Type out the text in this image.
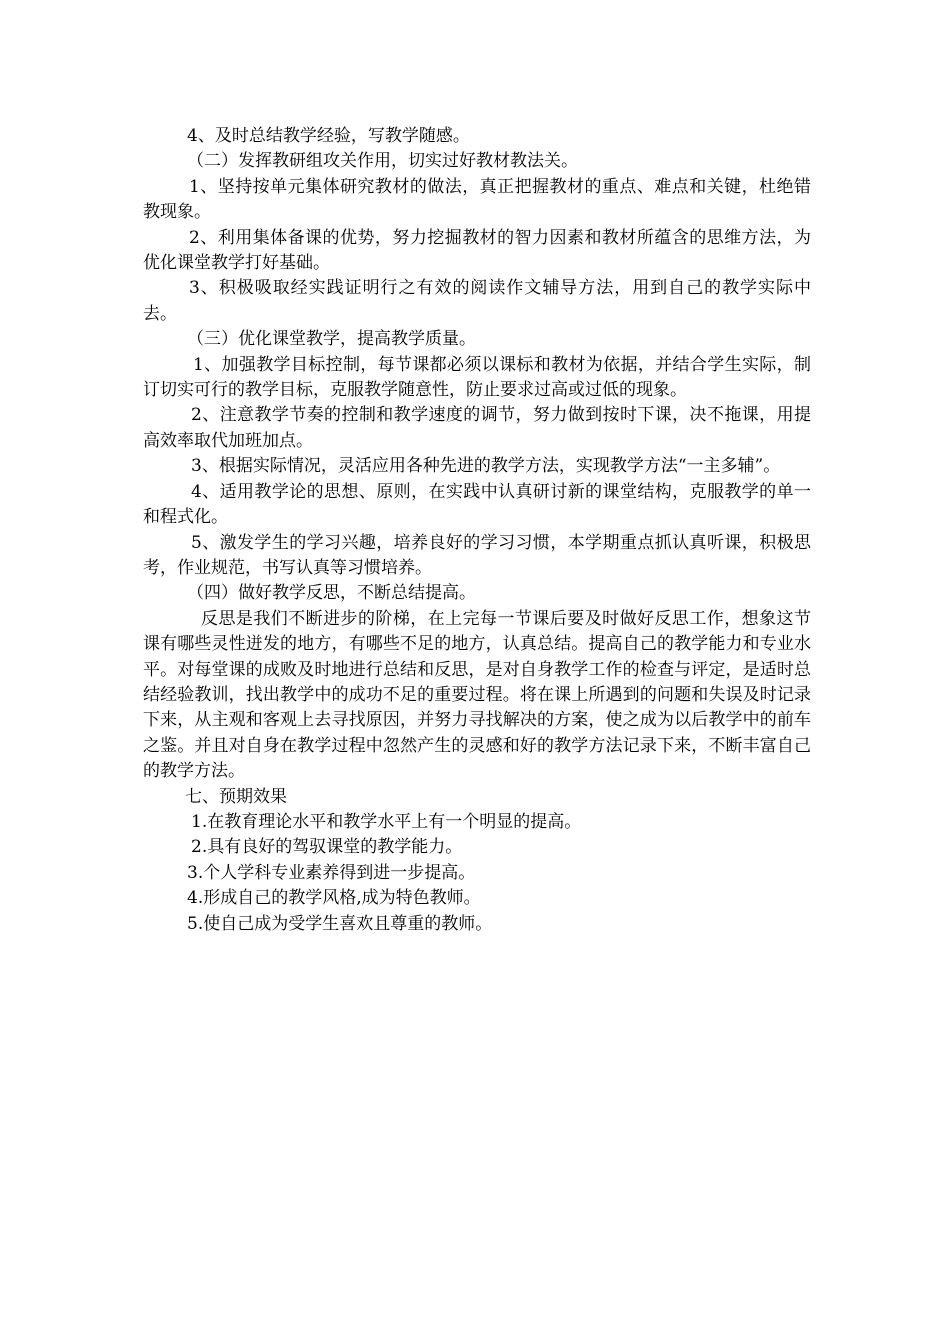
4、及时总结教学经验，写教学随感。

（二）发挥教研组攻关作用，切实过好教材教法关。

1、坚持按单元集体研究教材的做法，真正把握教材的重点、难点和关键，杜绝错教现象。

2、利用集体备课的优势，努力挖掘教材的智力因素和教材所蕴含的思维方法，为优化课堂教学打好基础。

3、积极吸取经实践证明行之有效的阅读作文辅导方法，用到自己的教学实际中去。

（三）优化课堂教学，提高教学质量。

1、加强教学目标控制，每节课都必须以课标和教材为依据，并结合学生实际，制订切实可行的教学目标，克服教学随意性，防止要求过高或过低的现象。

2、注意教学节奏的控制和教学速度的调节，努力做到按时下课，决不拖课，用提高效率取代加班加点。

3、根据实际情况，灵活应用各种先进的教学方法，实现教学方法“一主多辅”。

4、适用教学论的思想、原则，在实践中认真研讨新的课堂结构，克服教学的单一和程式化。

5、激发学生的学习兴趣，培养良好的学习习惯，本学期重点抓认真听课，积极思考，作业规范，书写认真等习惯培养。

（四）做好教学反思，不断总结提高。

反思是我们不断进步的阶梯，在上完每一节课后要及时做好反思工作，想象这节课有哪些灵性迸发的地方，有哪些不足的地方，认真总结。提高自己的教学能力和专业水平。对每堂课的成败及时地进行总结和反思，是对自身教学工作的检查与评定，是适时总结经验教训，找出教学中的成功不足的重要过程。将在课上所遇到的问题和失误及时记录下来，从主观和客观上去寻找原因，并努力寻找解决的方案，使之成为以后教学中的前车之鉴。并且对自身在教学过程中忽然产生的灵感和好的教学方法记录下来，不断丰富自己的教学方法。

七、预期效果

1.在教育理论水平和教学水平上有一个明显的提高。
2.具有良好的驾驭课堂的教学能力。
3.个人学科专业素养得到进一步提高。
4.形成自己的教学风格,成为特色教师。
5.使自己成为受学生喜欢且尊重的教师。
